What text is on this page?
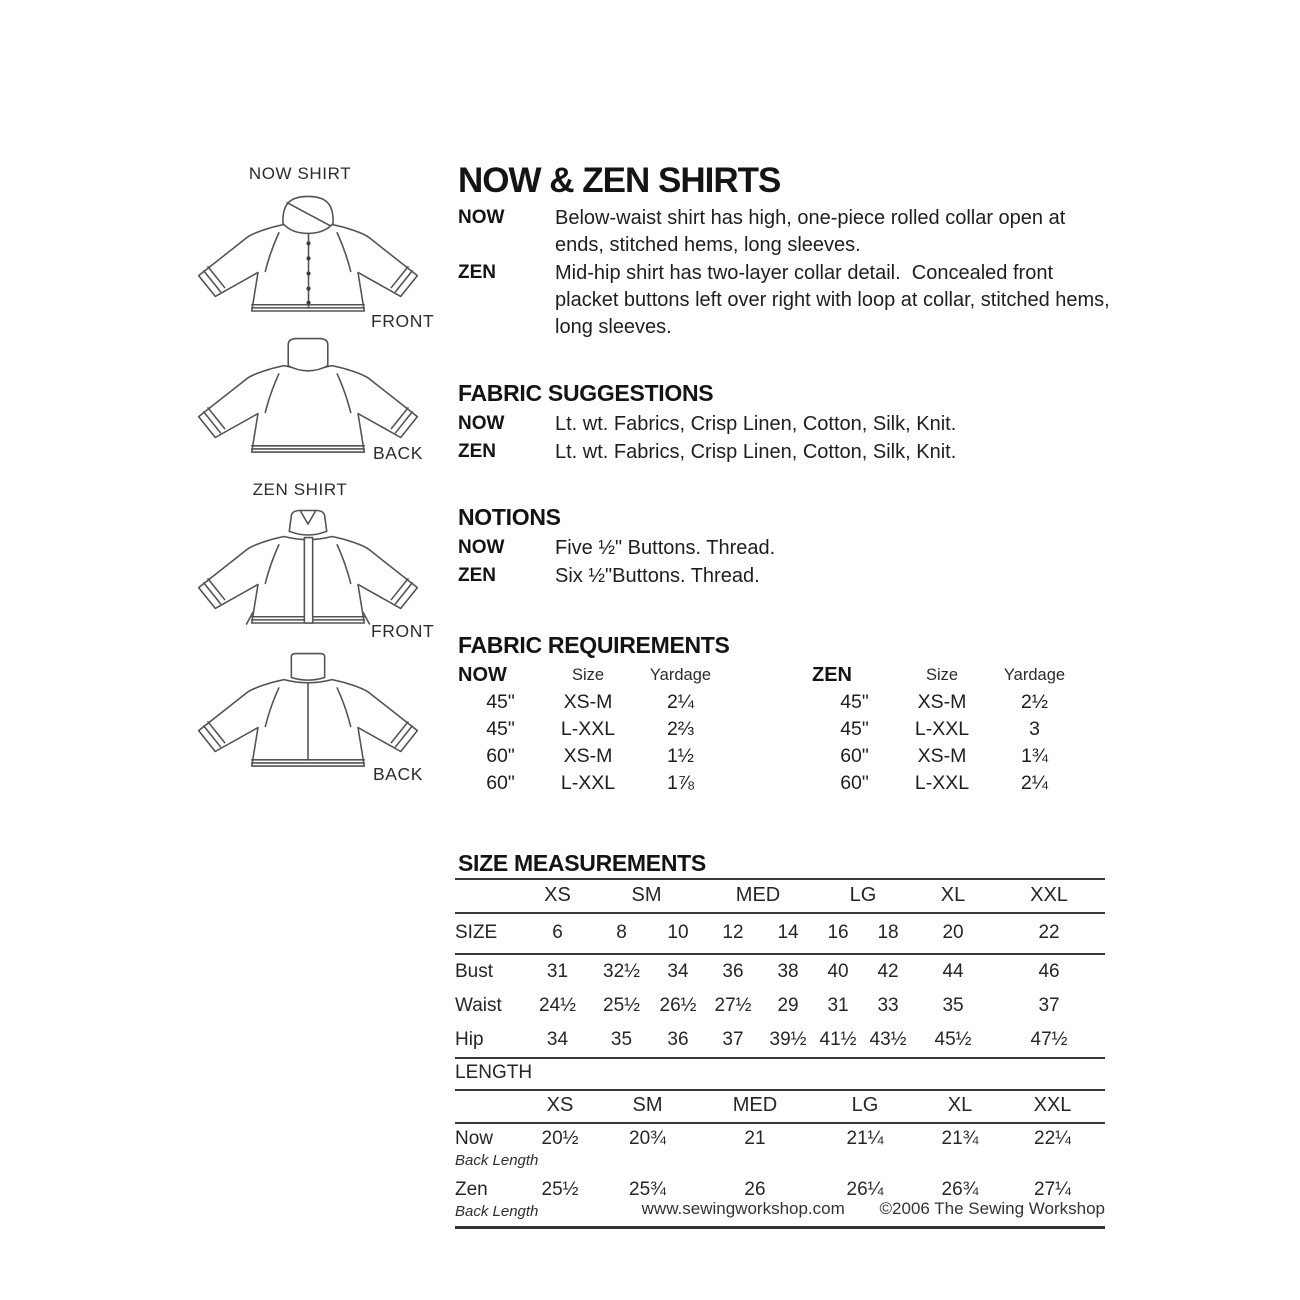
NOW SHIRT
FRONT
BACK
ZEN SHIRT
FRONT
BACK
NOW & ZEN SHIRTS
NOW	Below-waist shirt has high, one-piece rolled collar open at ends, stitched hems, long sleeves.
ZEN	Mid-hip shirt has two-layer collar detail.  Concealed front placket buttons left over right with loop at collar, stitched hems, long sleeves.
FABRIC SUGGESTIONS
NOW	Lt. wt. Fabrics, Crisp Linen, Cotton, Silk, Knit.
ZEN	Lt. wt. Fabrics, Crisp Linen, Cotton, Silk, Knit.
NOTIONS
NOW	Five ½" Buttons. Thread.
ZEN	Six ½"Buttons. Thread.
FABRIC REQUIREMENTS
NOW	Size	Yardage
45"	XS-M	2¼
45"	L-XXL	2⅔
60"	XS-M	1½
60"	L-XXL	1⅞
ZEN	Size	Yardage
45"	XS-M	2½
45"	L-XXL	3
60"	XS-M	1¾
60"	L-XXL	2¼
SIZE MEASUREMENTS
	XS	SM		MED		LG		XL	XXL
SIZE	6	8	10	12	14	16	18	20	22
Bust	31	32½	34	36	38	40	42	44	46
Waist	24½	25½	26½	27½	29	31	33	35	37
Hip	34	35	36	37	39½	41½	43½	45½	47½
LENGTH						
	XS	SM	MED	LG	XL	XXL
Now	20½	20¾	21	21¼	21¾	22¼
Back Length						
Zen	25½	25¾	26	26¼	26¾	27¼
Back Length							www.sewingworkshop.com ©2006 The Sewing Workshop
